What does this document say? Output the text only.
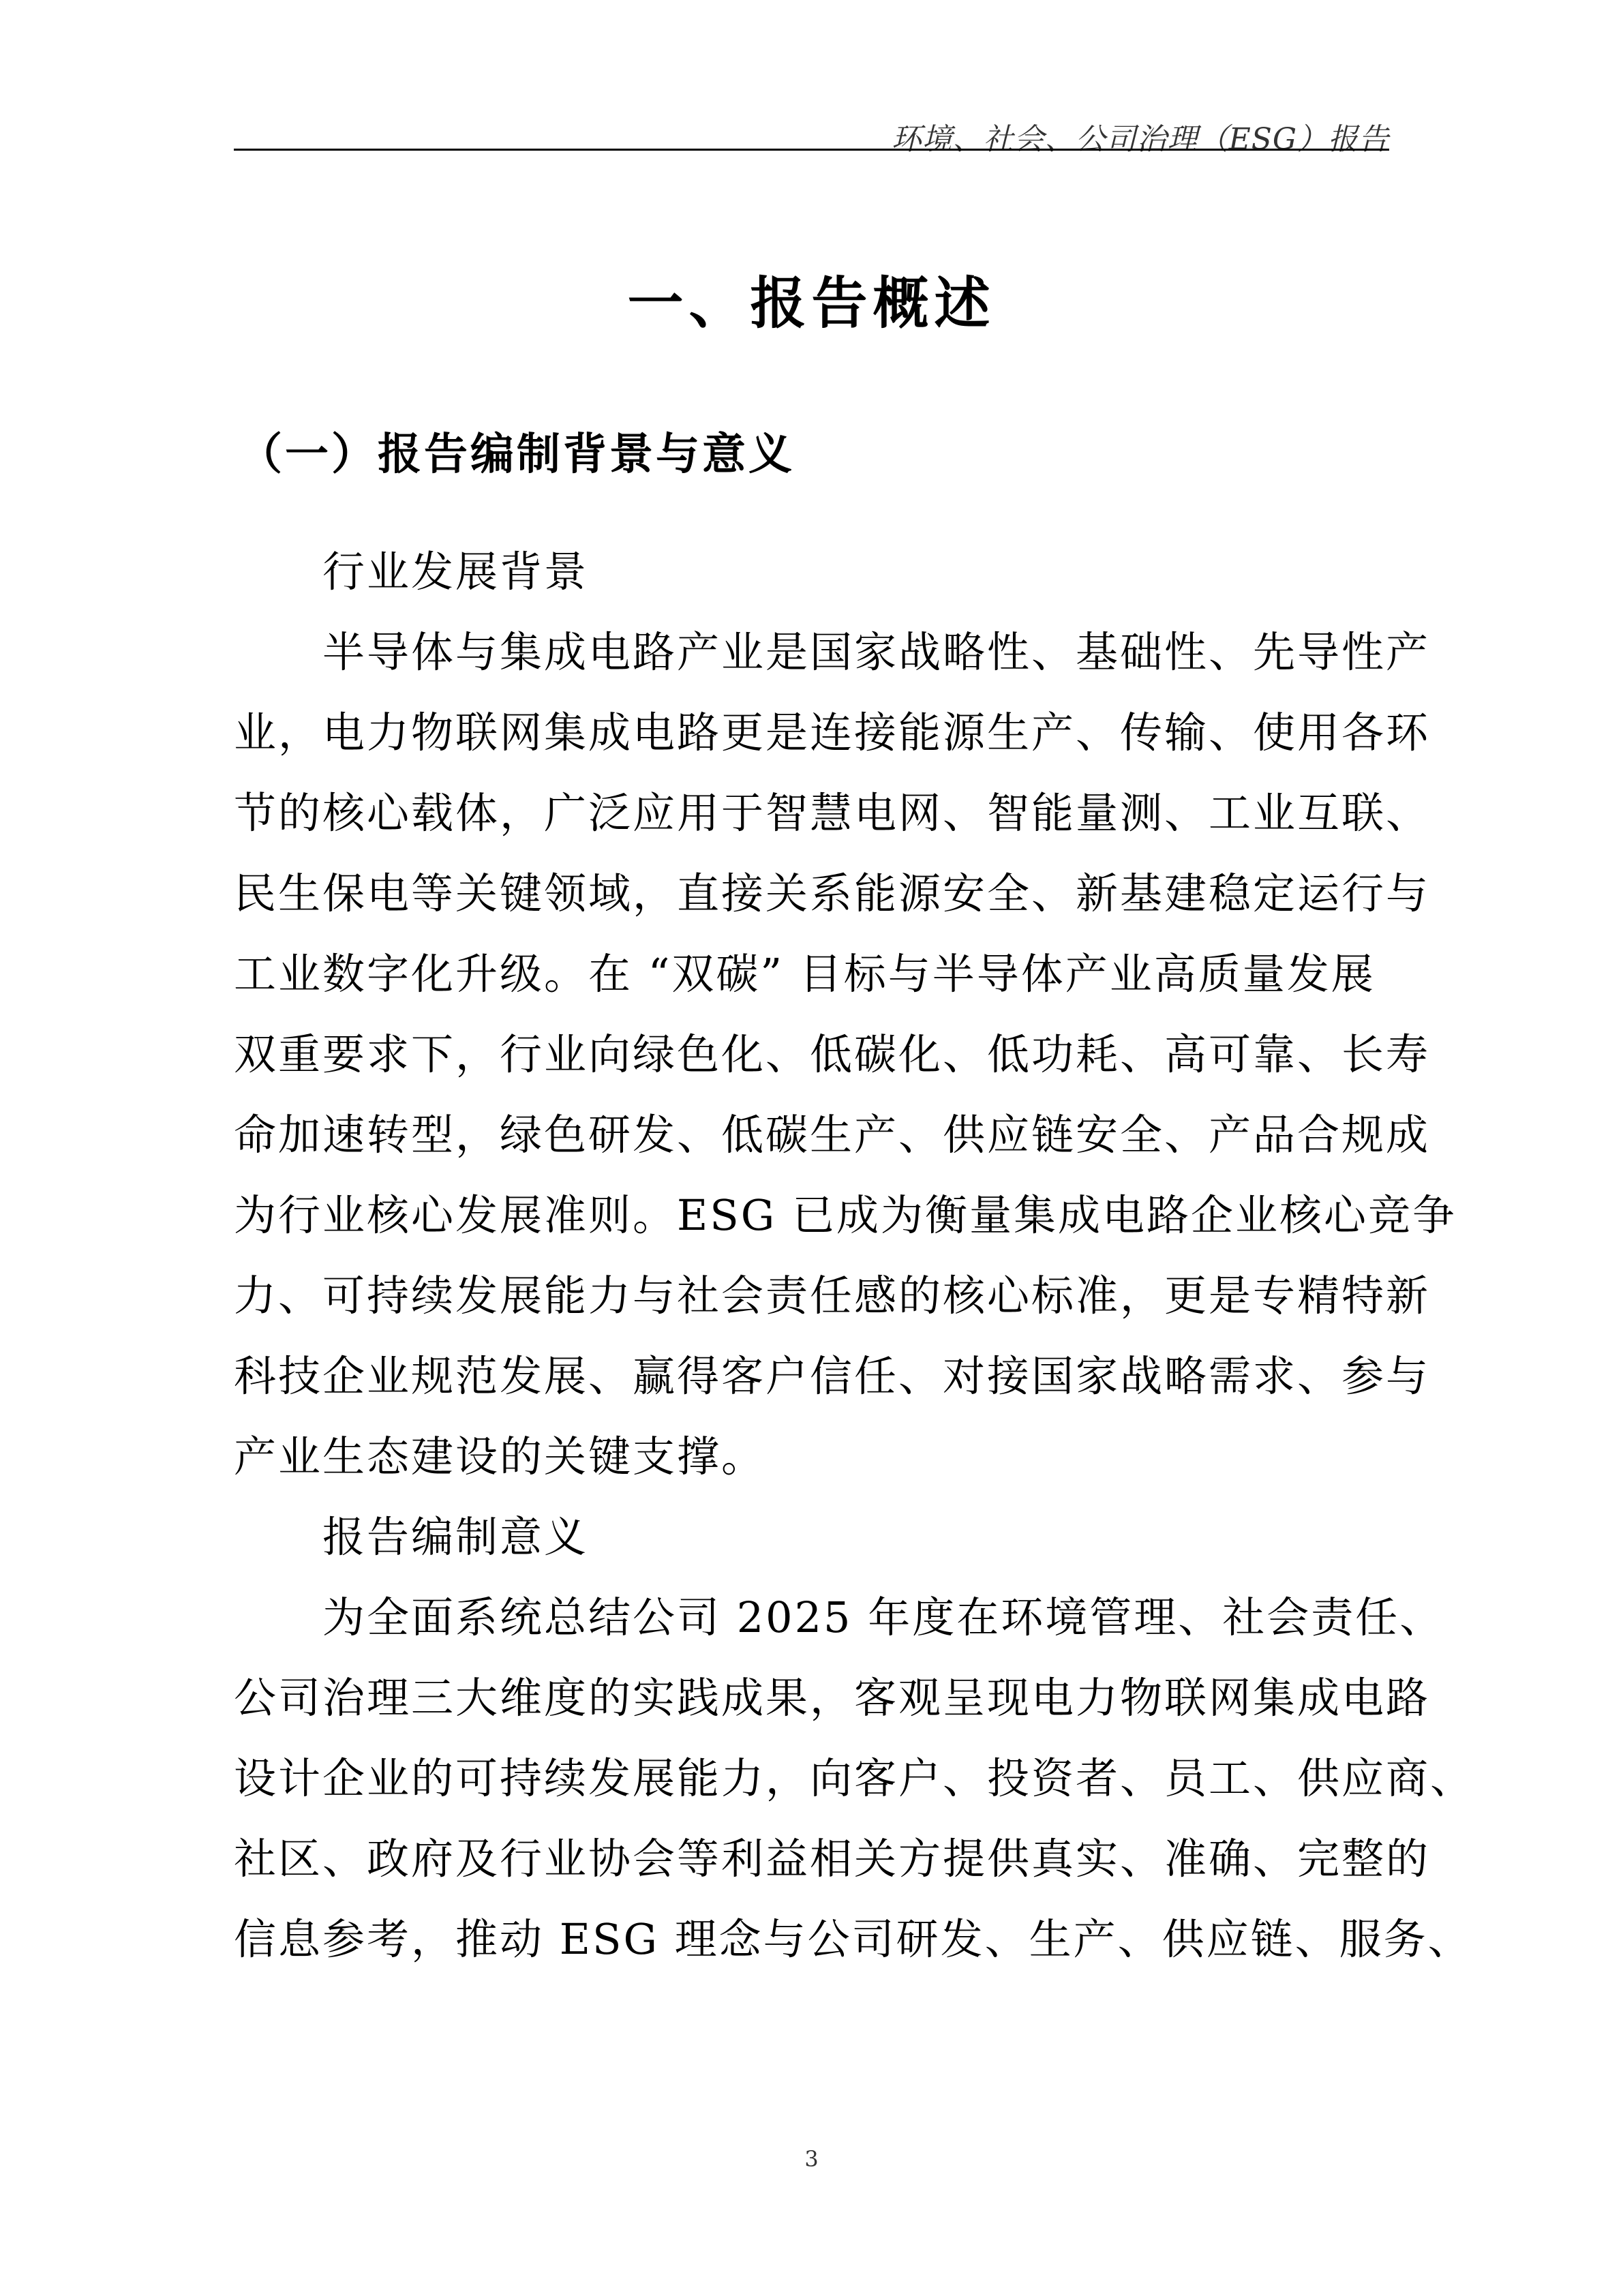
环境、社会、公司治理（ESG）报告
一、报告概述
（一）报告编制背景与意义
行业发展背景
半导体与集成电路产业是国家战略性、基础性、先导性产
业，电力物联网集成电路更是连接能源生产、传输、使用各环
节的核心载体，广泛应用于智慧电网、智能量测、工业互联、
民生保电等关键领域，直接关系能源安全、新基建稳定运行与
工业数字化升级。在 “双碳” 目标与半导体产业高质量发展
双重要求下，行业向绿色化、低碳化、低功耗、高可靠、长寿
命加速转型，绿色研发、低碳生产、供应链安全、产品合规成
为行业核心发展准则。ESG 已成为衡量集成电路企业核心竞争
力、可持续发展能力与社会责任感的核心标准，更是专精特新
科技企业规范发展、赢得客户信任、对接国家战略需求、参与
产业生态建设的关键支撑。
报告编制意义
为全面系统总结公司 2025 年度在环境管理、社会责任、
公司治理三大维度的实践成果，客观呈现电力物联网集成电路
设计企业的可持续发展能力，向客户、投资者、员工、供应商、
社区、政府及行业协会等利益相关方提供真实、准确、完整的
信息参考，推动 ESG 理念与公司研发、生产、供应链、服务、
3
